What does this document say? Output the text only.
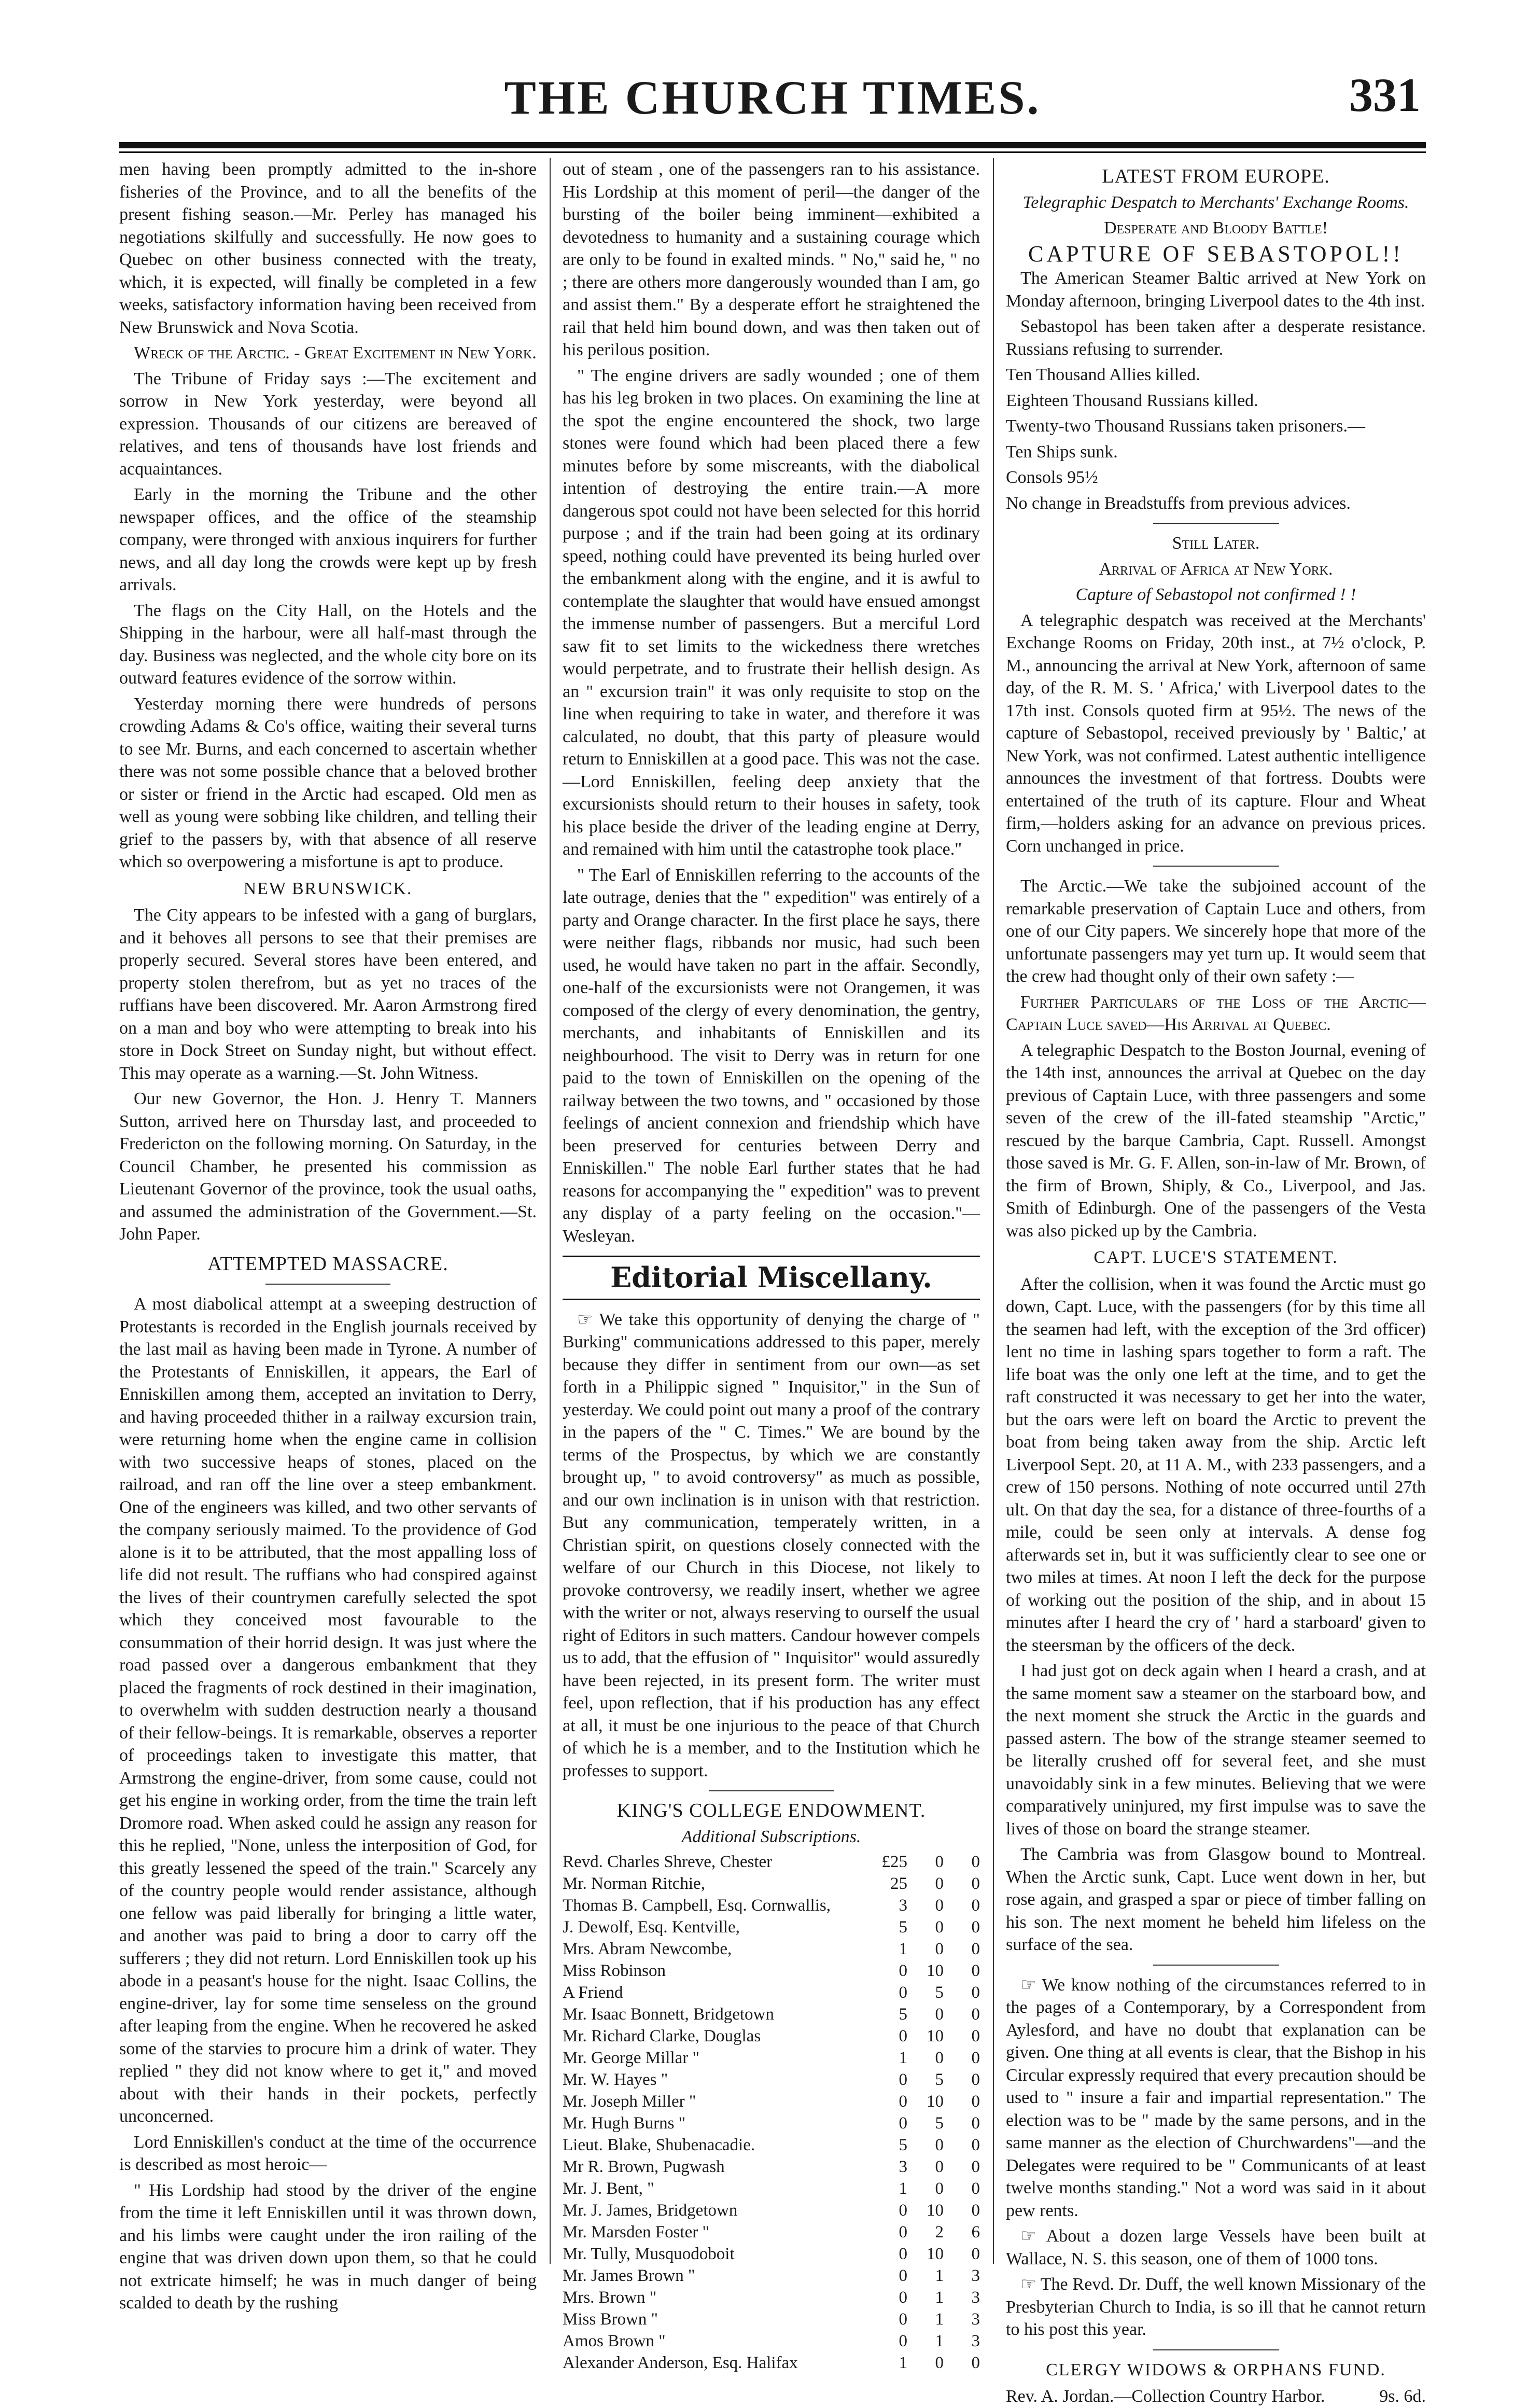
THE CHURCH TIMES.	331

men having been promptly admitted to the in-shore fisheries of the Province, and to all the benefits of the present fishing season.—Mr. Perley has managed his negotiations skilfully and successfully. He now goes to Quebec on other business connected with the treaty, which, it is expected, will finally be completed in a few weeks, satisfactory information having been received from New Brunswick and Nova Scotia.

Wreck of the Arctic. - Great Excitement in New York.

The Tribune of Friday says :—The excitement and sorrow in New York yesterday, were beyond all expression. Thousands of our citizens are bereaved of relatives, and tens of thousands have lost friends and acquaintances.

Early in the morning the Tribune and the other newspaper offices, and the office of the steamship company, were thronged with anxious inquirers for further news, and all day long the crowds were kept up by fresh arrivals.

The flags on the City Hall, on the Hotels and the Shipping in the harbour, were all half-mast through the day. Business was neglected, and the whole city bore on its outward features evidence of the sorrow within.

Yesterday morning there were hundreds of persons crowding Adams & Co's office, waiting their several turns to see Mr. Burns, and each concerned to ascertain whether there was not some possible chance that a beloved brother or sister or friend in the Arctic had escaped. Old men as well as young were sobbing like children, and telling their grief to the passers by, with that absence of all reserve which so overpowering a misfortune is apt to produce.

NEW BRUNSWICK.

The City appears to be infested with a gang of burglars, and it behoves all persons to see that their premises are properly secured. Several stores have been entered, and property stolen therefrom, but as yet no traces of the ruffians have been discovered. Mr. Aaron Armstrong fired on a man and boy who were attempting to break into his store in Dock Street on Sunday night, but without effect. This may operate as a warning.—St. John Witness.

Our new Governor, the Hon. J. Henry T. Manners Sutton, arrived here on Thursday last, and proceeded to Fredericton on the following morning. On Saturday, in the Council Chamber, he presented his commission as Lieutenant Governor of the province, took the usual oaths, and assumed the administration of the Government.—St. John Paper.

ATTEMPTED MASSACRE.

A most diabolical attempt at a sweeping destruction of Protestants is recorded in the English journals received by the last mail as having been made in Tyrone. A number of the Protestants of Enniskillen, it appears, the Earl of Enniskillen among them, accepted an invitation to Derry, and having proceeded thither in a railway excursion train, were returning home when the engine came in collision with two successive heaps of stones, placed on the railroad, and ran off the line over a steep embankment. One of the engineers was killed, and two other servants of the company seriously maimed. To the providence of God alone is it to be attributed, that the most appalling loss of life did not result. The ruffians who had conspired against the lives of their countrymen carefully selected the spot which they conceived most favourable to the consummation of their horrid design. It was just where the road passed over a dangerous embankment that they placed the fragments of rock destined in their imagination, to overwhelm with sudden destruction nearly a thousand of their fellow-beings. It is remarkable, observes a reporter of proceedings taken to investigate this matter, that Armstrong the engine-driver, from some cause, could not get his engine in working order, from the time the train left Dromore road. When asked could he assign any reason for this he replied, "None, unless the interposition of God, for this greatly lessened the speed of the train." Scarcely any of the country people would render assistance, although one fellow was paid liberally for bringing a little water, and another was paid to bring a door to carry off the sufferers ; they did not return. Lord Enniskillen took up his abode in a peasant's house for the night. Isaac Collins, the engine-driver, lay for some time senseless on the ground after leaping from the engine. When he recovered he asked some of the starvies to procure him a drink of water. They replied " they did not know where to get it," and moved about with their hands in their pockets, perfectly unconcerned.

Lord Enniskillen's conduct at the time of the occurrence is described as most heroic—

" His Lordship had stood by the driver of the engine from the time it left Enniskillen until it was thrown down, and his limbs were caught under the iron railing of the engine that was driven down upon them, so that he could not extricate himself; he was in much danger of being scalded to death by the rushing

out of steam , one of the passengers ran to his assistance. His Lordship at this moment of peril—the danger of the bursting of the boiler being imminent—exhibited a devotedness to humanity and a sustaining courage which are only to be found in exalted minds. " No," said he, " no ; there are others more dangerously wounded than I am, go and assist them." By a desperate effort he straightened the rail that held him bound down, and was then taken out of his perilous position.

" The engine drivers are sadly wounded ; one of them has his leg broken in two places. On examining the line at the spot the engine encountered the shock, two large stones were found which had been placed there a few minutes before by some miscreants, with the diabolical intention of destroying the entire train.—A more dangerous spot could not have been selected for this horrid purpose ; and if the train had been going at its ordinary speed, nothing could have prevented its being hurled over the embankment along with the engine, and it is awful to contemplate the slaughter that would have ensued amongst the immense number of passengers. But a merciful Lord saw fit to set limits to the wickedness there wretches would perpetrate, and to frustrate their hellish design. As an " excursion train" it was only requisite to stop on the line when requiring to take in water, and therefore it was calculated, no doubt, that this party of pleasure would return to Enniskillen at a good pace. This was not the case.—Lord Enniskillen, feeling deep anxiety that the excursionists should return to their houses in safety, took his place beside the driver of the leading engine at Derry, and remained with him until the catastrophe took place."

" The Earl of Enniskillen referring to the accounts of the late outrage, denies that the " expedition" was entirely of a party and Orange character. In the first place he says, there were neither flags, ribbands nor music, had such been used, he would have taken no part in the affair. Secondly, one-half of the excursionists were not Orangemen, it was composed of the clergy of every denomination, the gentry, merchants, and inhabitants of Enniskillen and its neighbourhood. The visit to Derry was in return for one paid to the town of Enniskillen on the opening of the railway between the two towns, and " occasioned by those feelings of ancient connexion and friendship which have been preserved for centuries between Derry and Enniskillen." The noble Earl further states that he had reasons for accompanying the " expedition" was to prevent any display of a party feeling on the occasion."—Wesleyan.

Editorial Miscellany.

☞ We take this opportunity of denying the charge of " Burking" communications addressed to this paper, merely because they differ in sentiment from our own—as set forth in a Philippic signed " Inquisitor," in the Sun of yesterday. We could point out many a proof of the contrary in the papers of the " C. Times." We are bound by the terms of the Prospectus, by which we are constantly brought up, " to avoid controversy" as much as possible, and our own inclination is in unison with that restriction. But any communication, temperately written, in a Christian spirit, on questions closely connected with the welfare of our Church in this Diocese, not likely to provoke controversy, we readily insert, whether we agree with the writer or not, always reserving to ourself the usual right of Editors in such matters. Candour however compels us to add, that the effusion of " Inquisitor" would assuredly have been rejected, in its present form. The writer must feel, upon reflection, that if his production has any effect at all, it must be one injurious to the peace of that Church of which he is a member, and to the Institution which he professes to support.

KING'S COLLEGE ENDOWMENT.

Additional Subscriptions.

Revd. Charles Shreve, Chester	£25	0	0
Mr. Norman Ritchie,	25	0	0
Thomas B. Campbell, Esq. Cornwallis,	3	0	0
J. Dewolf, Esq. Kentville,	5	0	0
Mrs. Abram Newcombe,	1	0	0
Miss Robinson	0	10	0
A Friend	0	5	0
Mr. Isaac Bonnett, Bridgetown	5	0	0
Mr. Richard Clarke, Douglas	0	10	0
Mr. George Millar "	1	0	0
Mr. W. Hayes "	0	5	0
Mr. Joseph Miller "	0	10	0
Mr. Hugh Burns "	0	5	0
Lieut. Blake, Shubenacadie.	5	0	0
Mr R. Brown, Pugwash	3	0	0
Mr. J. Bent, "	1	0	0
Mr. J. James, Bridgetown	0	10	0
Mr. Marsden Foster "	0	2	6
Mr. Tully, Musquodoboit	0	10	0
Mr. James Brown "	0	1	3
Mrs. Brown "	0	1	3
Miss Brown "	0	1	3
Amos Brown "	0	1	3
Alexander Anderson, Esq. Halifax	1	0	0
LATEST FROM EUROPE.

Telegraphic Despatch to Merchants' Exchange Rooms.

Desperate and Bloody Battle!

CAPTURE OF SEBASTOPOL!!

The American Steamer Baltic arrived at New York on Monday afternoon, bringing Liverpool dates to the 4th inst.

Sebastopol has been taken after a desperate resistance. Russians refusing to surrender.

Ten Thousand Allies killed.

Eighteen Thousand Russians killed.

Twenty-two Thousand Russians taken prisoners.—

Ten Ships sunk.

Consols 95½

No change in Breadstuffs from previous advices.

Still Later.

Arrival of Africa at New York.

Capture of Sebastopol not confirmed ! !

A telegraphic despatch was received at the Merchants' Exchange Rooms on Friday, 20th inst., at 7½ o'clock, P. M., announcing the arrival at New York, afternoon of same day, of the R. M. S. ' Africa,' with Liverpool dates to the 17th inst. Consols quoted firm at 95½. The news of the capture of Sebastopol, received previously by ' Baltic,' at New York, was not confirmed. Latest authentic intelligence announces the investment of that fortress. Doubts were entertained of the truth of its capture. Flour and Wheat firm,—holders asking for an advance on previous prices. Corn unchanged in price.

The Arctic.—We take the subjoined account of the remarkable preservation of Captain Luce and others, from one of our City papers. We sincerely hope that more of the unfortunate passengers may yet turn up. It would seem that the crew had thought only of their own safety :—

Further Particulars of the Loss of the Arctic—Captain Luce saved—His Arrival at Quebec.

A telegraphic Despatch to the Boston Journal, evening of the 14th inst, announces the arrival at Quebec on the day previous of Captain Luce, with three passengers and some seven of the crew of the ill-fated steamship "Arctic," rescued by the barque Cambria, Capt. Russell. Amongst those saved is Mr. G. F. Allen, son-in-law of Mr. Brown, of the firm of Brown, Shiply, & Co., Liverpool, and Jas. Smith of Edinburgh. One of the passengers of the Vesta was also picked up by the Cambria.

CAPT. LUCE'S STATEMENT.

After the collision, when it was found the Arctic must go down, Capt. Luce, with the passengers (for by this time all the seamen had left, with the exception of the 3rd officer) lent no time in lashing spars together to form a raft. The life boat was the only one left at the time, and to get the raft constructed it was necessary to get her into the water, but the oars were left on board the Arctic to prevent the boat from being taken away from the ship. Arctic left Liverpool Sept. 20, at 11 A. M., with 233 passengers, and a crew of 150 persons. Nothing of note occurred until 27th ult. On that day the sea, for a distance of three-fourths of a mile, could be seen only at intervals. A dense fog afterwards set in, but it was sufficiently clear to see one or two miles at times. At noon I left the deck for the purpose of working out the position of the ship, and in about 15 minutes after I heard the cry of ' hard a starboard' given to the steersman by the officers of the deck.

I had just got on deck again when I heard a crash, and at the same moment saw a steamer on the starboard bow, and the next moment she struck the Arctic in the guards and passed astern. The bow of the strange steamer seemed to be literally crushed off for several feet, and she must unavoidably sink in a few minutes. Believing that we were comparatively uninjured, my first impulse was to save the lives of those on board the strange steamer.

The Cambria was from Glasgow bound to Montreal. When the Arctic sunk, Capt. Luce went down in her, but rose again, and grasped a spar or piece of timber falling on his son. The next moment he beheld him lifeless on the surface of the sea.

☞ We know nothing of the circumstances referred to in the pages of a Contemporary, by a Correspondent from Aylesford, and have no doubt that explanation can be given. One thing at all events is clear, that the Bishop in his Circular expressly required that every precaution should be used to " insure a fair and impartial representation." The election was to be " made by the same persons, and in the same manner as the election of Churchwardens"—and the Delegates were required to be " Communicants of at least twelve months standing." Not a word was said in it about pew rents.

☞ About a dozen large Vessels have been built at Wallace, N. S. this season, one of them of 1000 tons.

☞ The Revd. Dr. Duff, the well known Missionary of the Presbyterian Church to India, is so ill that he cannot return to his post this year.

CLERGY WIDOWS & ORPHANS FUND.
Rev. A. Jordan.—Collection Country Harbor.	9s. 6d.
